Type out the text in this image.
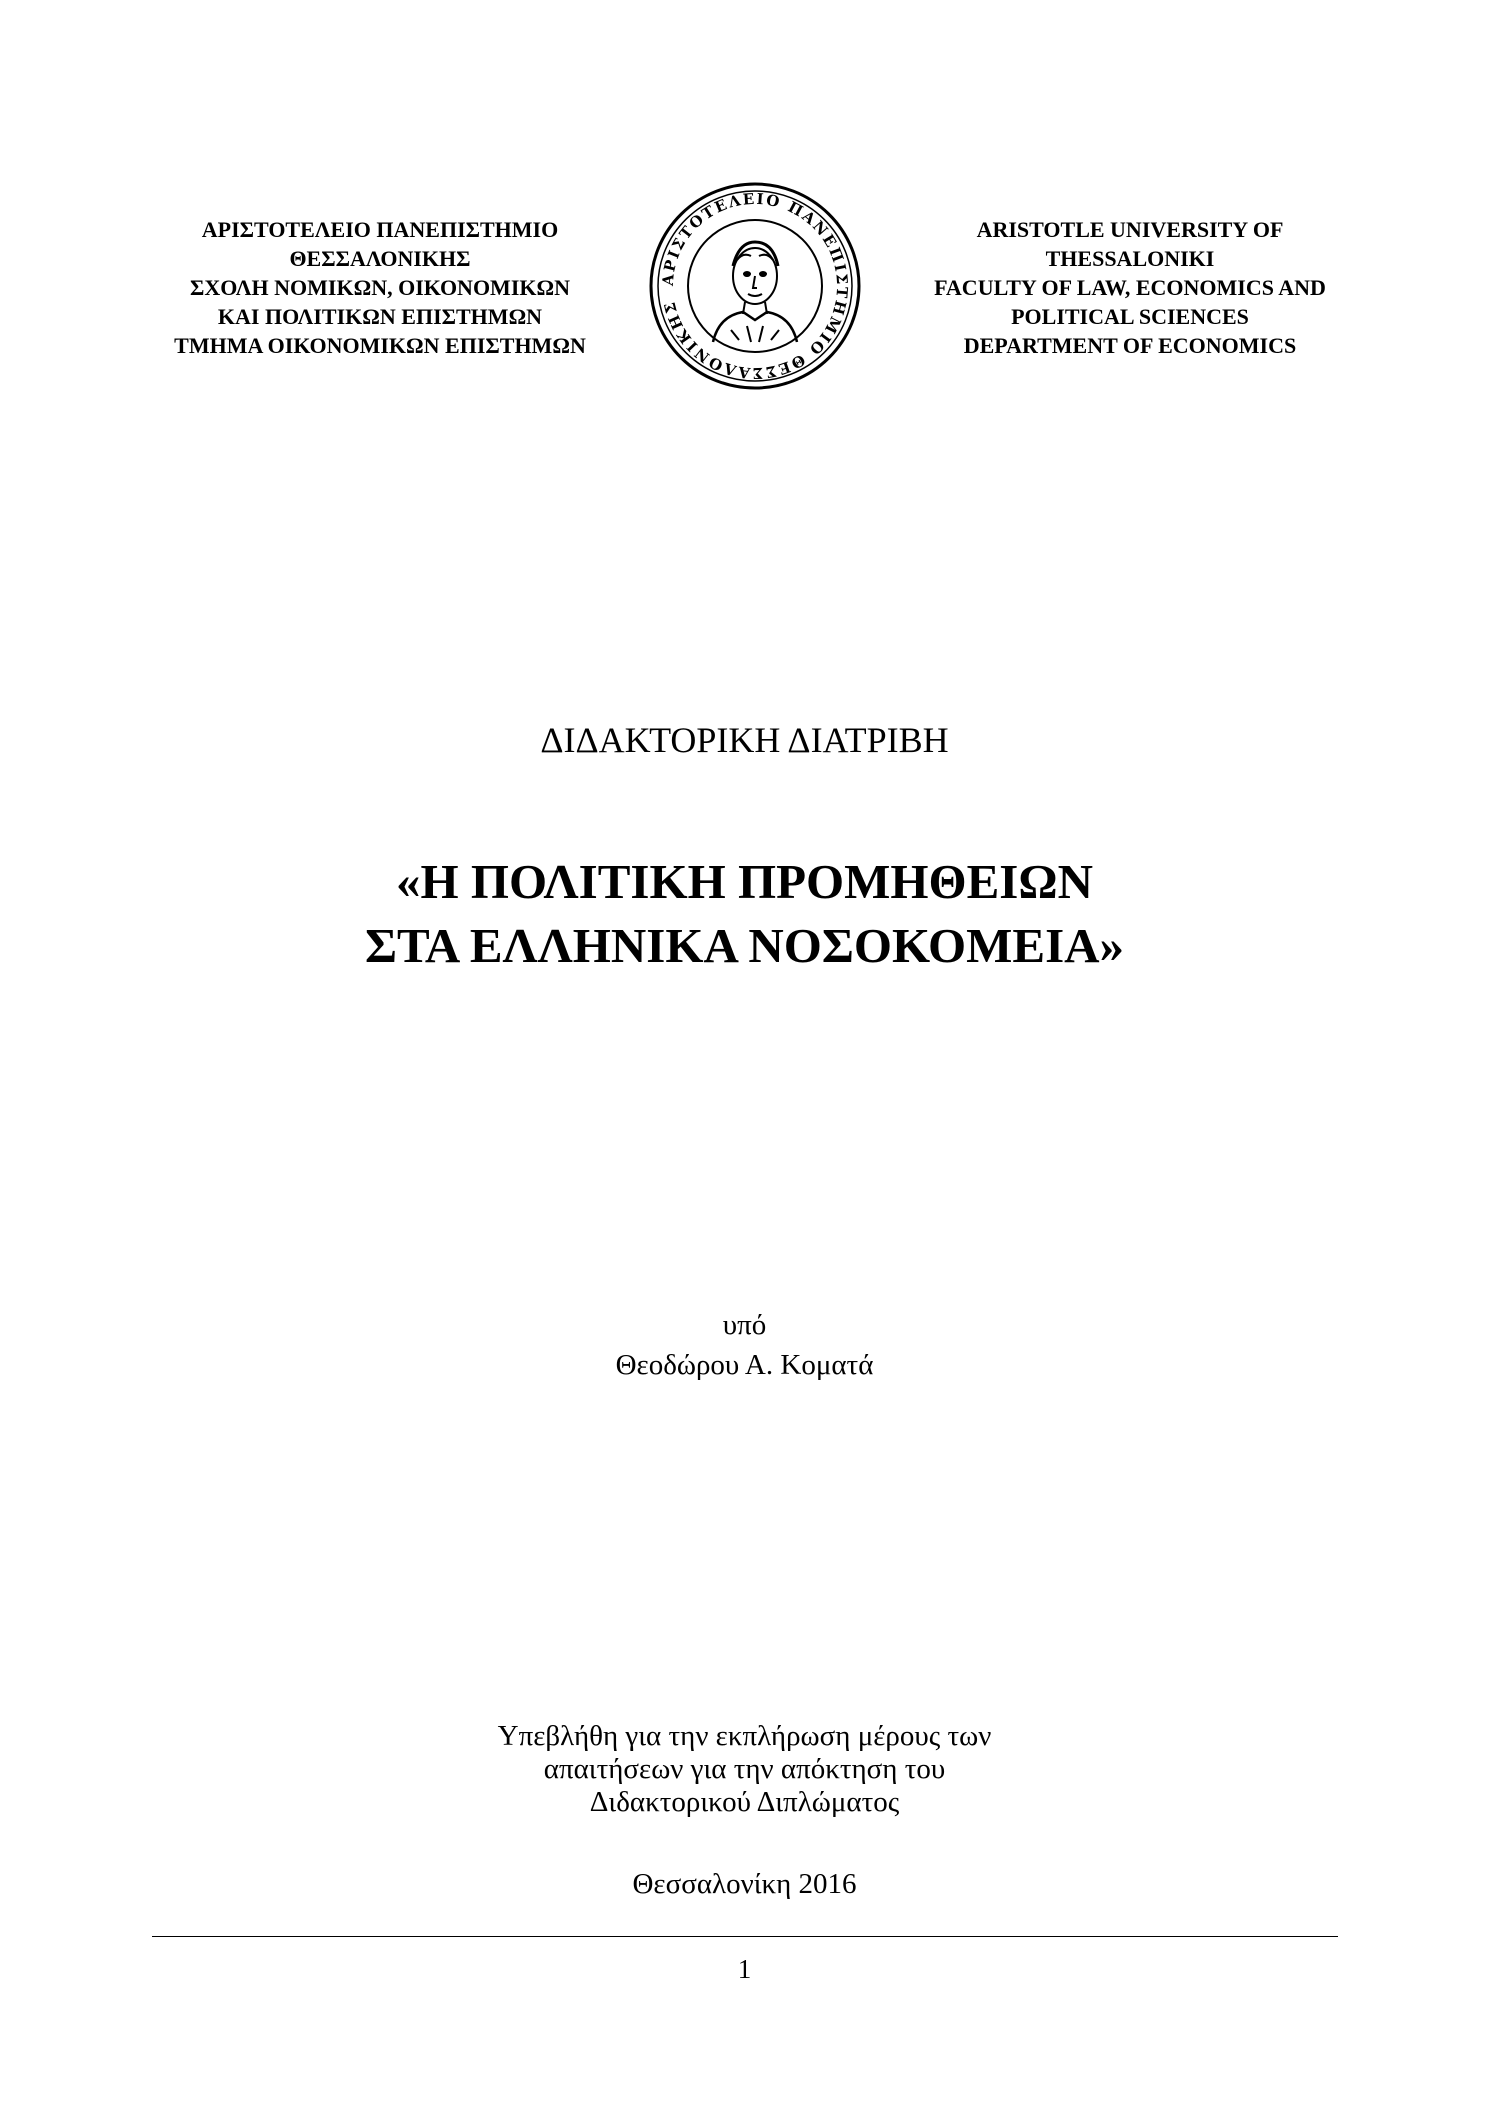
ΑΡΙΣΤΟΤΕΛΕΙΟ ΠΑΝΕΠΙΣΤΗΜΙΟ
ΘΕΣΣΑΛΟΝΙΚΗΣ
ΣΧΟΛΗ ΝΟΜΙΚΩΝ, ΟΙΚΟΝΟΜΙΚΩΝ
ΚΑΙ ΠΟΛΙΤΙΚΩΝ ΕΠΙΣΤΗΜΩΝ
ΤΜΗΜΑ ΟΙΚΟΝΟΜΙΚΩΝ ΕΠΙΣΤΗΜΩΝ
ΑΡΙΣΤΟΤΕΛΕΙΟ ΠΑΝΕΠΙΣΤΗΜΙΟ ΘΕΣΣΑΛΟΝΙΚΗΣ
ARISTOTLE UNIVERSITY OF
THESSALONIKI
FACULTY OF LAW, ECONOMICS AND
POLITICAL SCIENCES
DEPARTMENT OF ECONOMICS
ΔΙΔΑΚΤΟΡΙΚΗ ΔΙΑΤΡΙΒΗ
«Η ΠΟΛΙΤΙΚΗ ΠΡΟΜΗΘΕΙΩΝ
ΣΤΑ ΕΛΛΗΝΙΚΑ ΝΟΣΟΚΟΜΕΙΑ»
υπό
Θεοδώρου Α. Κοματά
Υπεβλήθη για την εκπλήρωση μέρους των
απαιτήσεων για την απόκτηση του
Διδακτορικού Διπλώματος
Θεσσαλονίκη 2016
1
